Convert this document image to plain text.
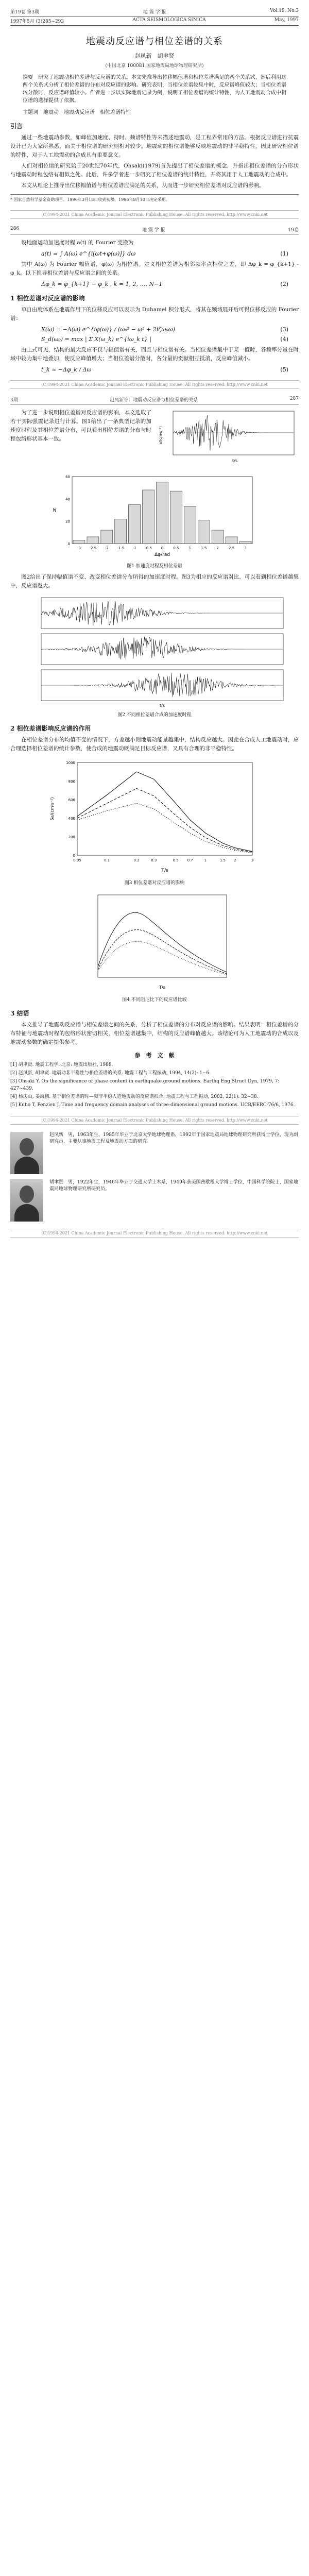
第19卷 第3期	地 震 学 报	Vol.19, No.3
1997年5月 (3)285~293	ACTA SEISMOLOGICA SINICA	May, 1997
地震动反应谱与相位差谱的关系
赵凤新　胡聿贤
(中国北京 100081 国家地震局地球物理研究所)
摘要　研究了地震动相位差谱与反应谱的关系。本文先推导出位移幅值谱和相位差谱满足的两个关系式，然后利用这两个关系式分析了相位差谱的分布对反应谱的影响。研究表明，当相位差谱较集中时，反应谱峰值较大；当相位差谱较分散时，反应谱峰值较小。作者进一步以实际地震记录为例，说明了相位差谱的统计特性，为人工地震动合成中相位谱的选择提供了依据。
主题词　地震动　地震动反应谱　相位差谱特性
引言

通过一些地震动参数，如峰值加速度、持时、频谱特性等来描述地震动，是工程界常用的方法。根据反应谱进行抗震设计已为大家所熟悉，而关于相位谱的研究则相对较少。地震动的相位谱能够反映地震动的非平稳特性，因此研究相位谱的特性，对于人工地震动的合成具有重要意义。

人们对相位谱的研究始于20世纪70年代，Ohsaki(1979)首先提出了相位差谱的概念，并指出相位差谱的分布形状与地震动时程包络有相似之处。此后，许多学者进一步研究了相位差谱的统计特性，并将其用于人工地震动的合成中。

本文从理论上推导出位移幅值谱与相位差谱应满足的关系，从而进一步研究相位差谱对反应谱的影响。

* 国家自然科学基金资助项目。1996年3月18日收到初稿，1996年8月10日决定采用。
(C)1994-2021 China Academic Journal Electronic Publishing House. All rights reserved. http://www.cnki.net
286	地 震 学 报	19卷

设地面运动加速度时程 a(t) 的 Fourier 变换为

a(t) = ∫ A(ω) e^{i[ωt+φ(ω)]} dω	(1)

其中 A(ω) 为 Fourier 幅值谱，φ(ω) 为相位谱。定义相位差谱为相邻频率点相位之差，即 Δφ_k = φ_{k+1} - φ_k。以下推导相位差谱与反应谱之间的关系。

Δφ_k = φ_{k+1} − φ_k , k = 1, 2, …, N−1	(2)
1 相位差谱对反应谱的影响

单自由度体系在地震作用下的位移反应可以表示为 Duhamel 积分形式，将其在频域展开后可得位移反应的 Fourier 谱：

X(ω) = −A(ω) e^{iφ(ω)} / (ω₀² − ω² + 2iζω₀ω)	(3)
S_d(ω₀) = max | Σ X(ω_k) e^{iω_k t} |	(4)

由上式可见，结构的最大反应不仅与幅值谱有关，而且与相位谱有关。当相位差谱集中于某一值时，各频率分量在时域中较为集中地叠加，使反应峰值增大；当相位差谱分散时，各分量的贡献相互抵消，反应峰值减小。

t_k ≈ −Δφ_k / Δω	(5)
(C)1994-2021 China Academic Journal Electronic Publishing House. All rights reserved. http://www.cnki.net
3期	赵凤新等：地震动反应谱与相位差谱的关系	287

为了进一步说明相位差谱对反应谱的影响，本文选取了若干实际强震记录进行计算。图1给出了一条典型记录的加速度时程及其相位差谱分布，可以看出相位差谱的分布与时程包络形状基本一致。

t/s
a/(cm·s⁻²)
-3 -2.5 -2 -1.5 -1 -0.5	0	0.5	1	1.5	2	2.5	3
0
20
40
60
Δφ/rad
N
图1 加速度时程及相位差谱

图2给出了保持幅值谱不变、改变相位差谱分布所得的加速度时程。图3为相应的反应谱对比，可以看到相位差谱越集中，反应谱越大。

t/s
图2 不同相位差谱合成的加速度时程
2 相位差谱影响反应谱的作用

在相位差谱分布的均值不变的情况下，方差越小则地震动能量越集中，结构反应越大。因此在合成人工地震动时，应合理选择相位差谱的统计参数，使合成的地震动既满足目标反应谱，又具有合理的非平稳特性。

0.05	0.1	0.2	0.3	0.5 0.7	1	1.5 2	3
0
200
400
600
800
1000
T/s
Sa/(cm·s⁻²)
图3 相位差谱对反应谱的影响
T/s
图4 不同阻尼比下的反应谱比较
3 结语

本文推导了地震动反应谱与相位差谱之间的关系，分析了相位差谱的分布对反应谱的影响。结果表明：相位差谱的分布特征与地震动时程的包络形状密切相关，相位差谱越集中，结构的反应谱峰值越大。该结论可为人工地震动的合成以及地震动参数的确定提供参考。

参　考　文　献
[1] 胡聿贤. 地震工程学. 北京: 地震出版社, 1988.
[2] 赵凤新, 胡聿贤. 地震动非平稳性与相位差谱的关系. 地震工程与工程振动, 1994, 14(2): 1~6.
[3] Ohsaki Y. On the significance of phase content in earthquake ground motions. Earthq Eng Struct Dyn, 1979, 7: 427~439.
[4] 杨庆山, 姜海鹏. 基于相位差谱的时—频非平稳人造地震动的反应谱拟合. 地震工程与工程振动, 2002, 22(1): 32~38.
[5] Kubo T, Penzien J. Time and frequency domain analyses of three-dimensional ground motions. UCB/EERC-76/6, 1976.
(C)1994-2021 China Academic Journal Electronic Publishing House. All rights reserved. http://www.cnki.net
赵凤新　男，1963年生，1985年毕业于北京大学地球物理系，1992年于国家地震局地球物理研究所获博士学位，现为副研究员，主要从事地震工程及地震动方面的研究。
胡聿贤　男，1922年生，1946年毕业于交通大学土木系，1949年获美国密歇根大学博士学位，中国科学院院士，国家地震局地球物理研究所研究员。
(C)1994-2021 China Academic Journal Electronic Publishing House. All rights reserved. http://www.cnki.net
